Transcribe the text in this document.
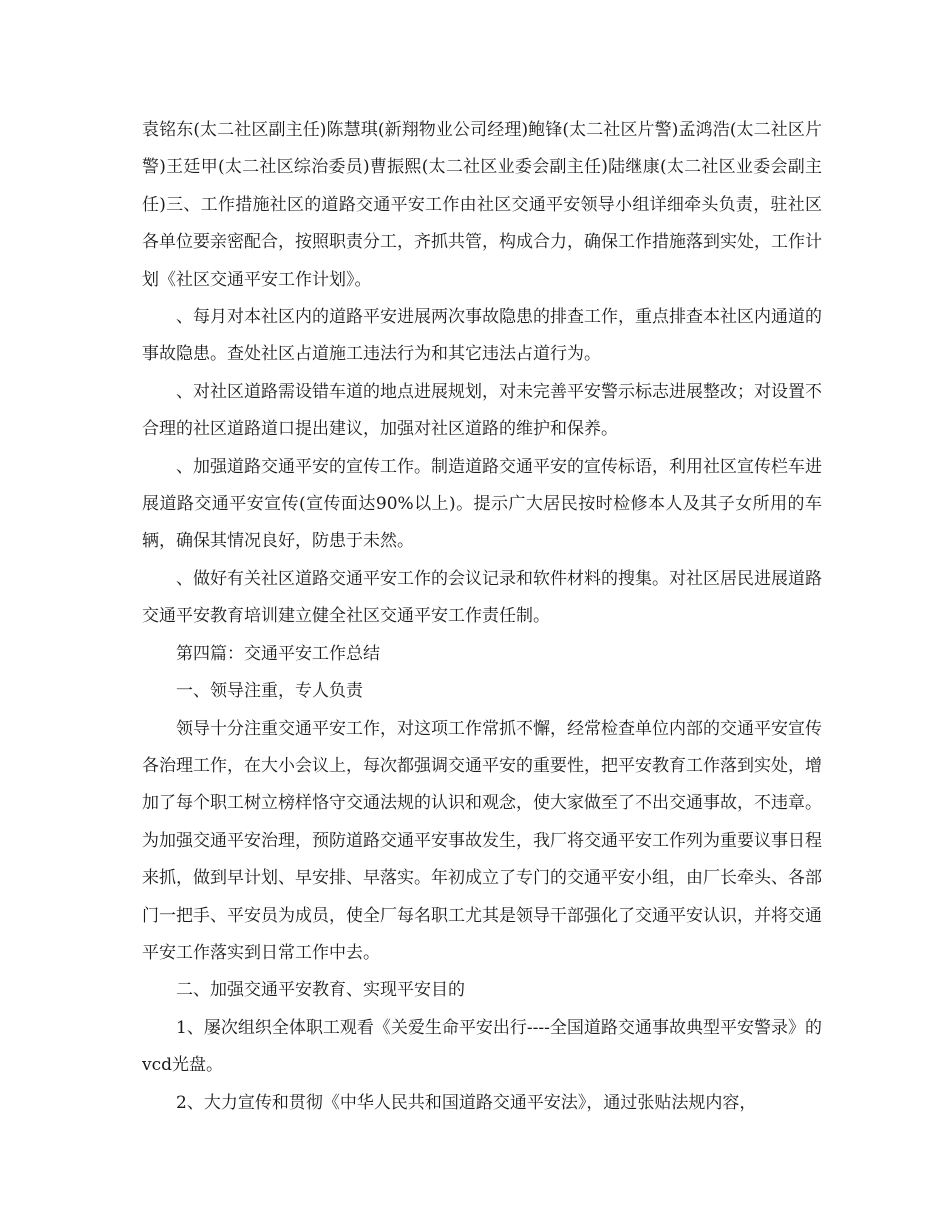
袁铭东(太二社区副主任)陈慧琪(新翔物业公司经理)鲍锋(太二社区片警)孟鸿浩(太二社区片警)王廷甲(太二社区综治委员)曹振熙(太二社区业委会副主任)陆继康(太二社区业委会副主任)三、工作措施社区的道路交通平安工作由社区交通平安领导小组详细牵头负责，驻社区各单位要亲密配合，按照职责分工，齐抓共管，构成合力，确保工作措施落到实处，工作计划《社区交通平安工作计划》。

、每月对本社区内的道路平安进展两次事故隐患的排查工作，重点排查本社区内通道的事故隐患。查处社区占道施工违法行为和其它违法占道行为。

、对社区道路需设错车道的地点进展规划，对未完善平安警示标志进展整改；对设置不合理的社区道路道口提出建议，加强对社区道路的维护和保养。

、加强道路交通平安的宣传工作。制造道路交通平安的宣传标语，利用社区宣传栏车进展道路交通平安宣传(宣传面达90%以上)。提示广大居民按时检修本人及其子女所用的车辆，确保其情况良好，防患于未然。

、做好有关社区道路交通平安工作的会议记录和软件材料的搜集。对社区居民进展道路交通平安教育培训建立健全社区交通平安工作责任制。

第四篇：交通平安工作总结

一、领导注重，专人负责

领导十分注重交通平安工作，对这项工作常抓不懈，经常检查单位内部的交通平安宣传各治理工作，在大小会议上，每次都强调交通平安的重要性，把平安教育工作落到实处，增加了每个职工树立榜样恪守交通法规的认识和观念，使大家做至了不出交通事故，不违章。为加强交通平安治理，预防道路交通平安事故发生，我厂将交通平安工作列为重要议事日程来抓，做到早计划、早安排、早落实。年初成立了专门的交通平安小组，由厂长牵头、各部门一把手、平安员为成员，使全厂每名职工尤其是领导干部强化了交通平安认识，并将交通平安工作落实到日常工作中去。

二、加强交通平安教育、实现平安目的

1、屡次组织全体职工观看《关爱生命平安出行----全国道路交通事故典型平安警录》的vcd光盘。

2、大力宣传和贯彻《中华人民共和国道路交通平安法》，通过张贴法规内容，
